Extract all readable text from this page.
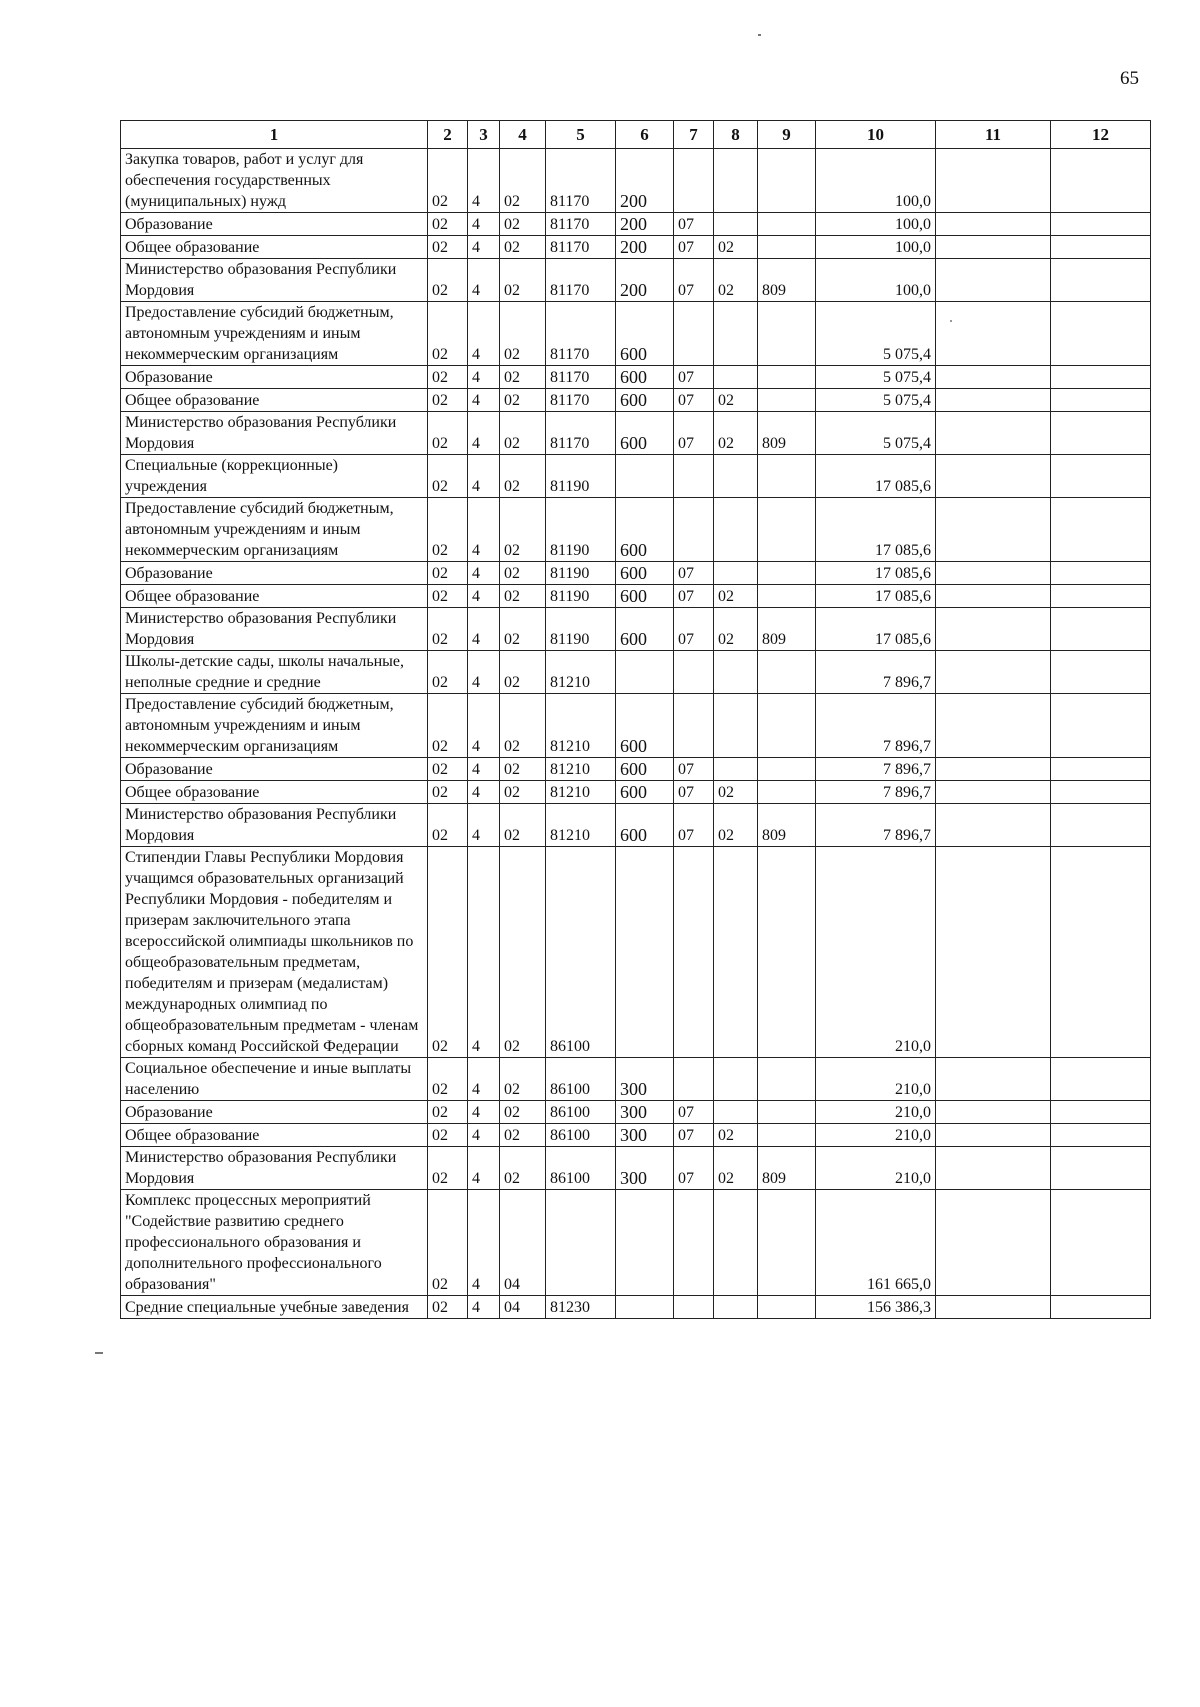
65
1	2	3	4	5	6	7	8	9	10	11	12
Закупка товаров, работ и услуг для обеспечения государственных (муниципальных) нужд	02	4	02	81170	200				100,0		
Образование	02	4	02	81170	200	07			100,0		
Общее образование	02	4	02	81170	200	07	02		100,0		
Министерство образования Республики Мордовия	02	4	02	81170	200	07	02	809	100,0		
Предоставление субсидий бюджетным, автономным учреждениям и иным некоммерческим организациям	02	4	02	81170	600				5 075,4		
Образование	02	4	02	81170	600	07			5 075,4		
Общее образование	02	4	02	81170	600	07	02		5 075,4		
Министерство образования Республики Мордовия	02	4	02	81170	600	07	02	809	5 075,4		
Специальные (коррекционные) учреждения	02	4	02	81190					17 085,6		
Предоставление субсидий бюджетным, автономным учреждениям и иным некоммерческим организациям	02	4	02	81190	600				17 085,6		
Образование	02	4	02	81190	600	07			17 085,6		
Общее образование	02	4	02	81190	600	07	02		17 085,6		
Министерство образования Республики Мордовия	02	4	02	81190	600	07	02	809	17 085,6		
Школы-детские сады, школы начальные, неполные средние и средние	02	4	02	81210					7 896,7		
Предоставление субсидий бюджетным, автономным учреждениям и иным некоммерческим организациям	02	4	02	81210	600				7 896,7		
Образование	02	4	02	81210	600	07			7 896,7		
Общее образование	02	4	02	81210	600	07	02		7 896,7		
Министерство образования Республики Мордовия	02	4	02	81210	600	07	02	809	7 896,7		
Стипендии Главы Республики Мордовия учащимся образовательных организаций Республики Мордовия - победителям и призерам заключительного этапа всероссийской олимпиады школьников по общеобразовательным предметам, победителям и призерам (медалистам) международных олимпиад по общеобразовательным предметам - членам сборных команд Российской Федерации	02	4	02	86100					210,0		
Социальное обеспечение и иные выплаты населению	02	4	02	86100	300				210,0		
Образование	02	4	02	86100	300	07			210,0		
Общее образование	02	4	02	86100	300	07	02		210,0		
Министерство образования Республики Мордовия	02	4	02	86100	300	07	02	809	210,0		
Комплекс процессных мероприятий "Содействие развитию среднего профессионального образования и дополнительного профессионального образования"	02	4	04						161 665,0		
Средние специальные учебные заведения	02	4	04	81230					156 386,3		
